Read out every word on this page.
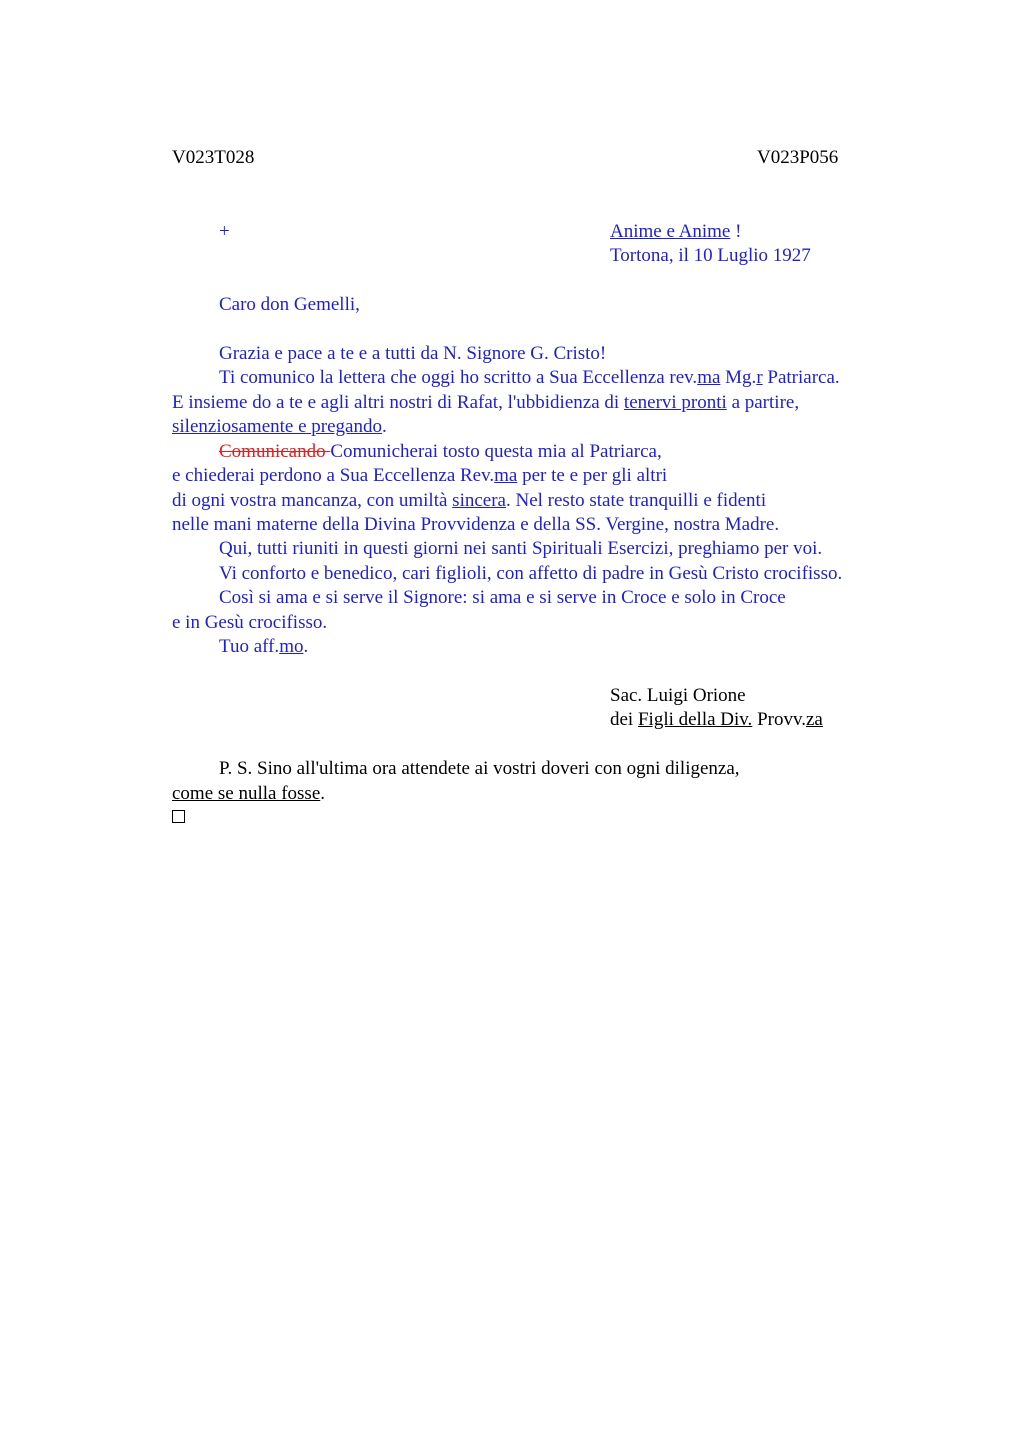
V023T028	V023P056
+	Anime e Anime !
Tortona, il 10 Luglio 1927
Caro don Gemelli,
Grazia e pace a te e a tutti da N. Signore G. Cristo!
Ti comunico la lettera che oggi ho scritto a Sua Eccellenza rev.ma Mg.r Patriarca.
E insieme do a te e agli altri nostri di Rafat, l'ubbidienza di tenervi pronti a partire,
silenziosamente e pregando.
Comunicando Comunicherai tosto questa mia al Patriarca,
e chiederai perdono a Sua Eccellenza Rev.ma per te e per gli altri
di ogni vostra mancanza, con umiltà sincera. Nel resto state tranquilli e fidenti
nelle mani materne della Divina Provvidenza e della SS. Vergine, nostra Madre.
Qui, tutti riuniti in questi giorni nei santi Spirituali Esercizi, preghiamo per voi.
Vi conforto e benedico, cari figlioli, con affetto di padre in Gesù Cristo crocifisso.
Così si ama e si serve il Signore: si ama e si serve in Croce e solo in Croce
e in Gesù crocifisso.
Tuo aff.mo.
Sac. Luigi Orione
dei Figli della Div. Provv.za
P. S. Sino all'ultima ora attendete ai vostri doveri con ogni diligenza,
come se nulla fosse.
